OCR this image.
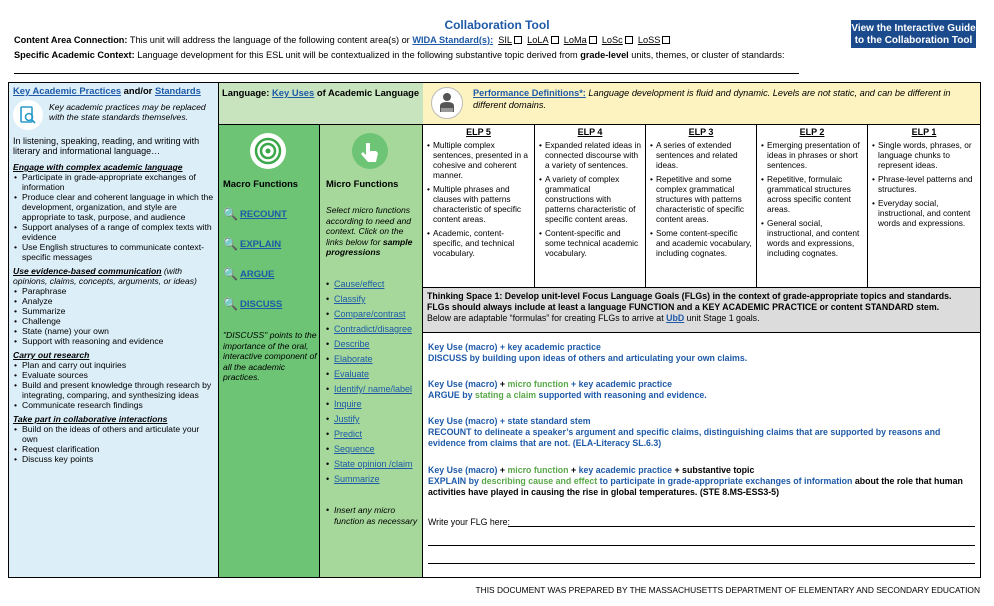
Collaboration Tool	View the Interactive Guide to the Collaboration Tool
Content Area Connection: This unit will address the language of the following content area(s) or WIDA Standard(s): SIL LoLA LoMa LoSc LoSS
Specific Academic Context: Language development for this ESL unit will be contextualized in the following substantive topic derived from grade-level units, themes, or cluster of standards:
Key Academic Practices and/or Standards
Key academic practices may be replaced with the state standards themselves.
In listening, speaking, reading, and writing with literary and informational language…
Engage with complex academic language
• Participate in grade-appropriate exchanges of information
• Produce clear and coherent language in which the development, organization, and style are appropriate to task, purpose, and audience
• Support analyses of a range of complex texts with evidence
• Use English structures to communicate context-specific messages
Use evidence-based communication (with opinions, claims, concepts, arguments, or ideas)
• Paraphrase
• Analyze
• Summarize
• Challenge
• State (name) your own
• Support with reasoning and evidence
Carry out research
• Plan and carry out inquiries
• Evaluate sources
• Build and present knowledge through research by integrating, comparing, and synthesizing ideas
• Communicate research findings
Take part in collaborative interactions
• Build on the ideas of others and articulate your own
• Request clarification
• Discuss key points
Language: Key Uses of Academic Language
Macro Functions
🔍 RECOUNT
🔍 EXPLAIN
🔍 ARGUE
🔍 DISCUSS
"DISCUSS" points to the importance of the oral, interactive component of all the academic practices.
Micro Functions
Select micro functions according to need and context. Click on the links below for sample progressions
• Cause/effect
• Classify
• Compare/contrast
• Contradict/disagree
• Describe
• Elaborate
• Evaluate
• Identify/ name/label
• Inquire
• Justify
• Predict
• Sequence
• State opinion /claim
• Summarize
• Insert any micro function as necessary
Performance Definitions*: Language development is fluid and dynamic. Levels are not static, and can be different in different domains.
ELP 5

• Multiple complex sentences, presented in a cohesive and coherent manner.

• Multiple phrases and clauses with patterns characteristic of specific content areas.

• Academic, content-specific, and technical vocabulary.

ELP 4

• Expanded related ideas in connected discourse with a variety of sentences.

• A variety of complex grammatical constructions with patterns characteristic of specific content areas.

• Content-specific and some technical academic vocabulary.

ELP 3

• A series of extended sentences and related ideas.

• Repetitive and some complex grammatical structures with patterns characteristic of specific content areas.

• Some content-specific and academic vocabulary, including cognates.

ELP 2

• Emerging presentation of ideas in phrases or short sentences.

• Repetitive, formulaic grammatical structures across specific content areas.

• General social, instructional, and content words and expressions, including cognates.

ELP 1

• Single words, phrases, or language chunks to represent ideas.

• Phrase-level patterns and structures.

• Everyday social, instructional, and content words and expressions.

Thinking Space 1: Develop unit-level Focus Language Goals (FLGs) in the context of grade-appropriate topics and standards.
FLGs should always include at least a language FUNCTION and a KEY ACADEMIC PRACTICE or content STANDARD stem.
Below are adaptable “formulas” for creating FLGs to arrive at UbD unit Stage 1 goals.
Key Use (macro) + key academic practice
DISCUSS by building upon ideas of others and articulating your own claims.
Key Use (macro) + micro function + key academic practice
ARGUE by stating a claim supported with reasoning and evidence.
Key Use (macro) + state standard stem
RECOUNT to delineate a speaker’s argument and specific claims, distinguishing claims that are supported by reasons and evidence from claims that are not. (ELA-Literacy SL.6.3)
Key Use (macro) + micro function + key academic practice + substantive topic
EXPLAIN by describing cause and effect to participate in grade-appropriate exchanges of information about the role that human activities have played in causing the rise in global temperatures. (STE 8.MS-ESS3-5)
Write your FLG here:
THIS DOCUMENT WAS PREPARED BY THE MASSACHUSETTS DEPARTMENT OF ELEMENTARY AND SECONDARY EDUCATION
